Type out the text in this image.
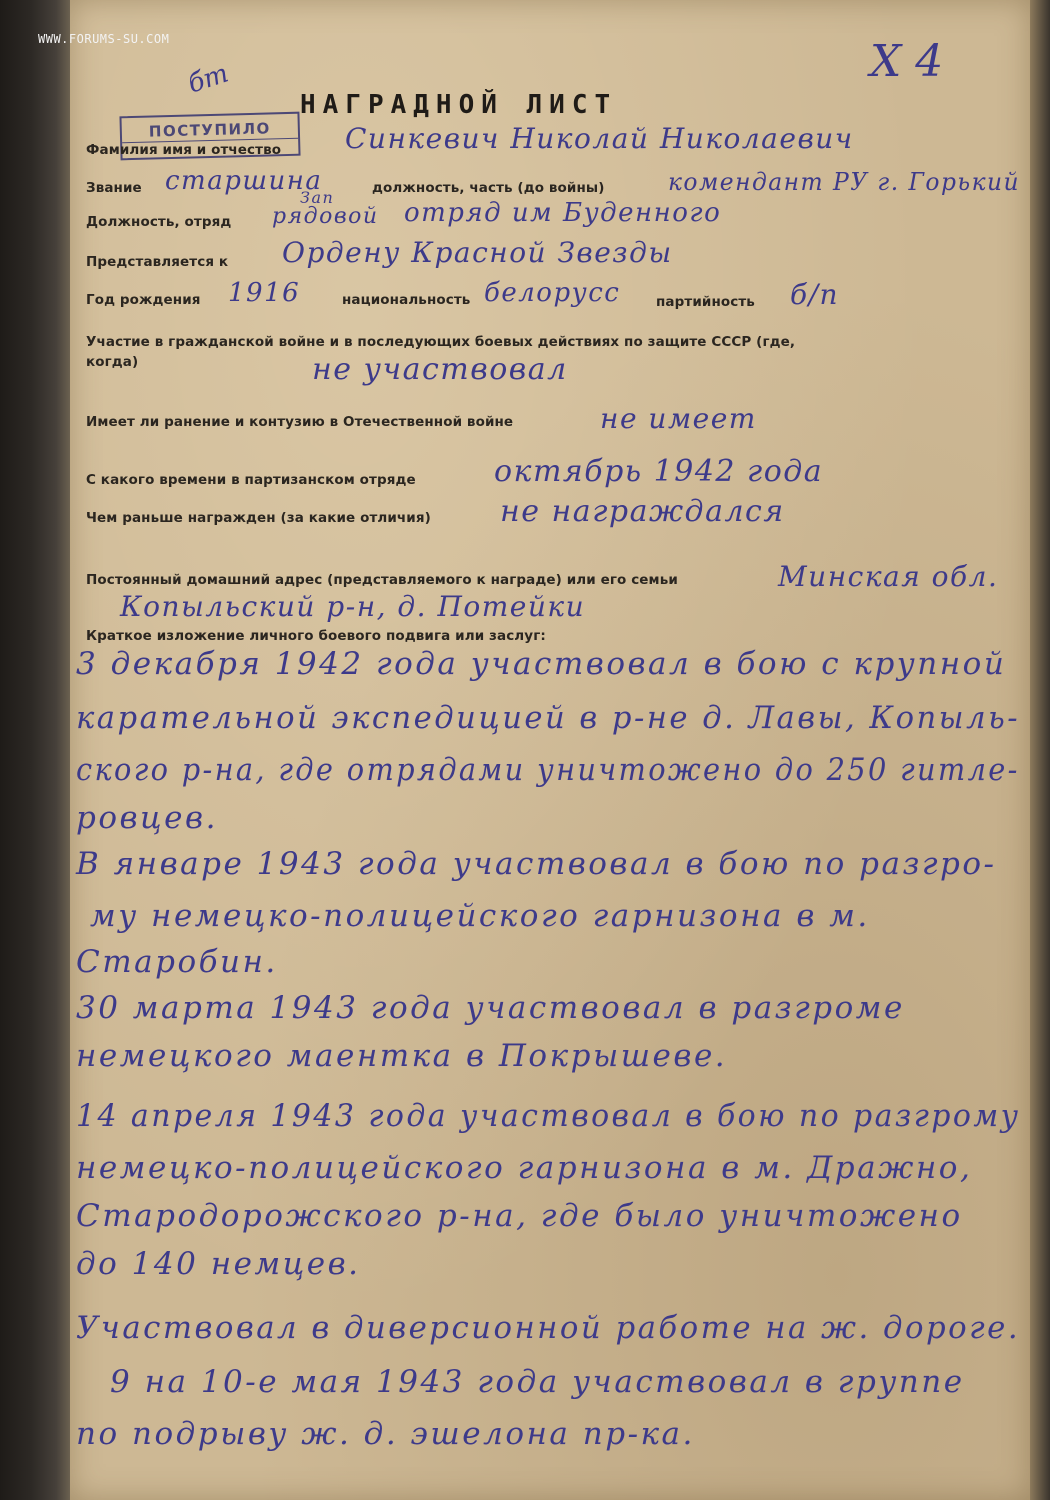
WWW.FORUMS-SU.COM	Х 4
бт
ПОСТУПИЛО
НАГРАДНОЙ ЛИСТ
Фамилия имя и отчество Синкевич Николай Николаевич
Звание старшина	должность, часть (до войны)	комендант РУ г. Горький
Должность, отряд
Зап
рядовой отряд им Буденного
Представляется к Ордену Красной Звезды
Год рождения 1916	национальность белорусс	партийность б/п
Участие в гражданской войне и в последующих боевых действиях по защите СССР (где,
когда)	не участвовал
Имеет ли ранение и контузию в Отечественной войне	не имеет
С какого времени в партизанском отряде	октябрь 1942 года
Чем раньше награжден (за какие отличия) не награждался
Постоянный домашний адрес (представляемого к награде) или его семьи	Минская обл.
Копыльский р-н, д. Потейки
Краткое изложение личного боевого подвига или заслуг:
3 декабря 1942 года участвовал в бою с крупной
карательной экспедицией в р-не д. Лавы, Копыль-
ского р-на, где отрядами уничтожено до 250 гитле-
ровцев.
В январе 1943 года участвовал в бою по разгро-
му немецко-полицейского гарнизона в м.
Старобин.
30 марта 1943 года участвовал в разгроме
немецкого маентка в Покрышеве.
14 апреля 1943 года участвовал в бою по разгрому
немецко-полицейского гарнизона в м. Дражно,
Стародорожского р-на, где было уничтожено
до 140 немцев.
Участвовал в диверсионной работе на ж. дороге.
9 на 10-е мая 1943 года участвовал в группе
по подрыву ж. д. эшелона пр-ка.
